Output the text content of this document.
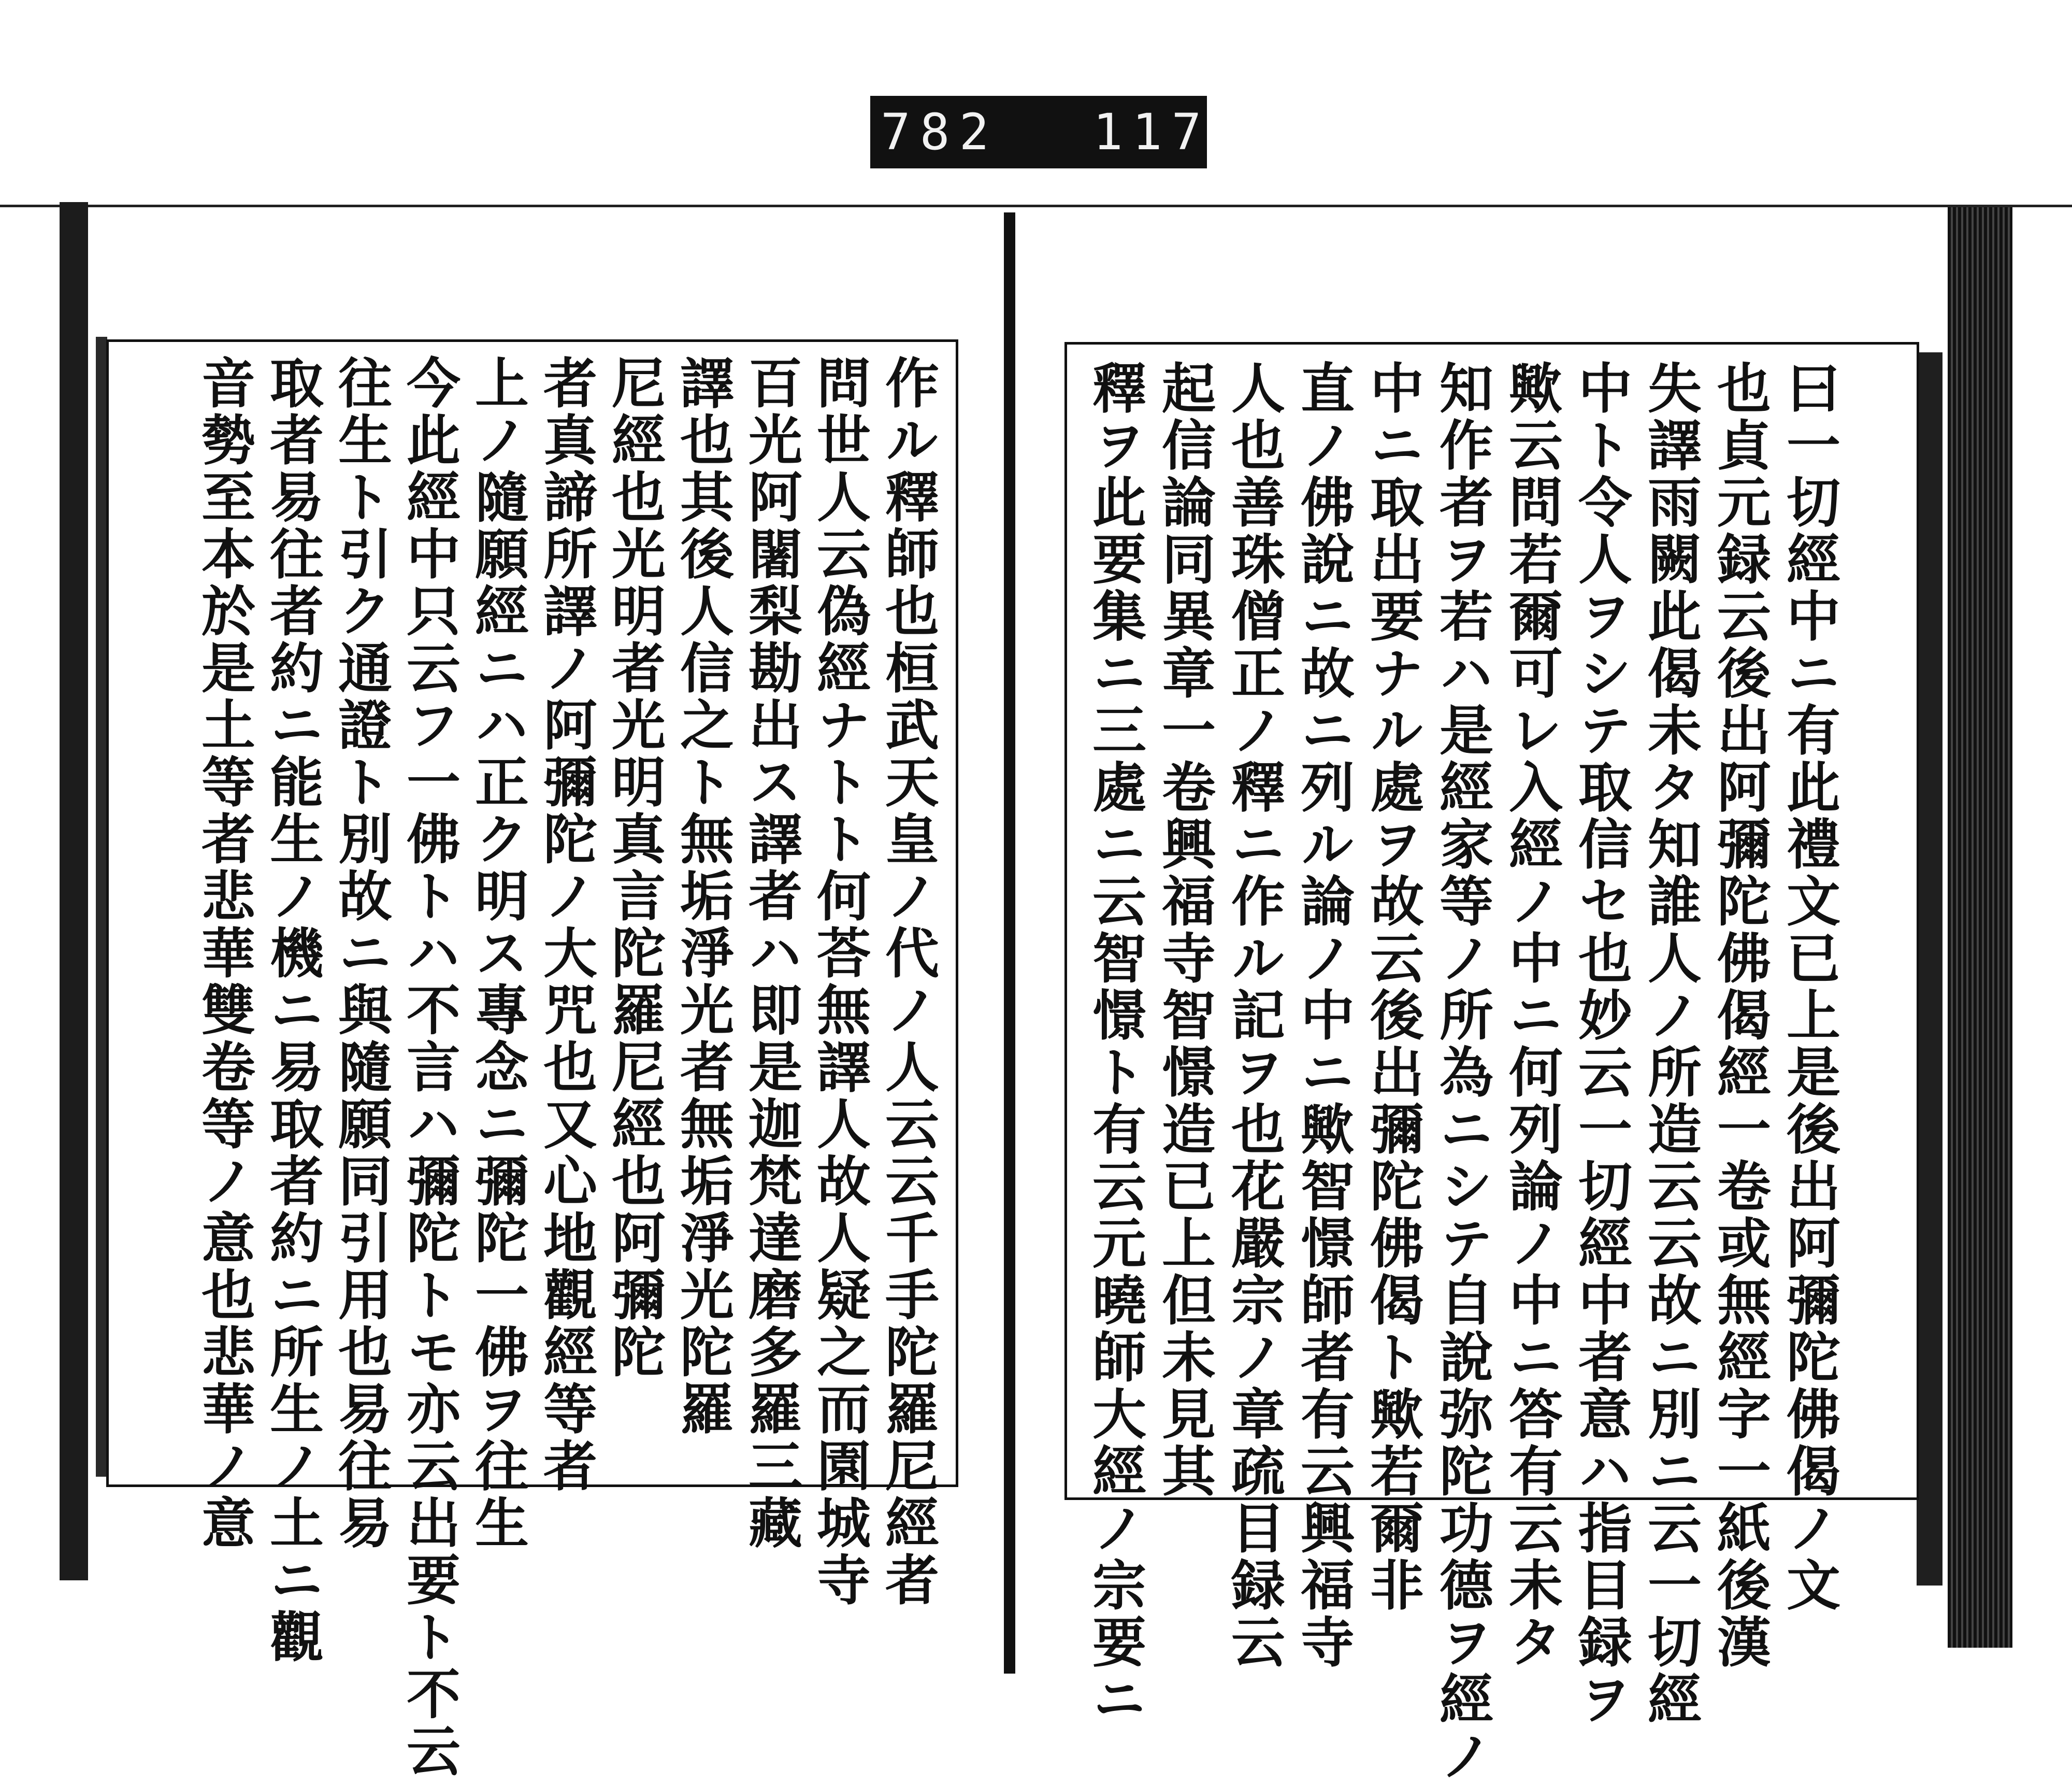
782 117
作ル釋師也桓武天皇ノ代ノ人云云千手陀羅尼經者
問世人云偽經ナトト何荅無譯人故人疑之而園城寺
百光阿闍梨勘出ス譯者ハ即是迦梵達磨多羅三藏
譯也其後人信之ト無垢淨光者無垢淨光陀羅
尼經也光明者光明真言陀羅尼經也阿彌陀
者真諦所譯ノ阿彌陀ノ大咒也又心地觀經等者
上ノ隨願經ニハ正ク明ス專念ニ彌陀一佛ヲ往生
今此經中只云フ一佛トハ不言ハ彌陀トモ亦云出要ト不云
往生ト引ク通證ト別故ニ與隨願同引用也易往易
取者易往者約ニ能生ノ機ニ易取者約ニ所生ノ土ニ觀
音勢至本於是土等者悲華雙卷等ノ意也悲華ノ意	曰一切經中ニ有此禮文已上是後出阿彌陀佛偈ノ文
也貞元録云後出阿彌陀佛偈經一卷或無經字一紙後漢
失譯雨闕此偈未タ知誰人ノ所造云云故ニ別ニ云一切經
中ト令人ヲシテ取信セ也妙云一切經中者意ハ指目録ヲ
歟云問若爾可レ入經ノ中ニ何列論ノ中ニ答有云未タ
知作者ヲ若ハ是經家等ノ所為ニシテ自說弥陀功德ヲ經ノ
中ニ取出要ナル處ヲ故云後出彌陀佛偈ト歟若爾非
直ノ佛說ニ故ニ列ル論ノ中ニ歟智憬師者有云興福寺
人也善珠僧正ノ釋ニ作ル記ヲ也花嚴宗ノ章疏目録云
起信論同異章一卷興福寺智憬造已上但未見其
釋ヲ此要集ニ三處ニ云智憬ト有云元曉師大經ノ宗要ニ
